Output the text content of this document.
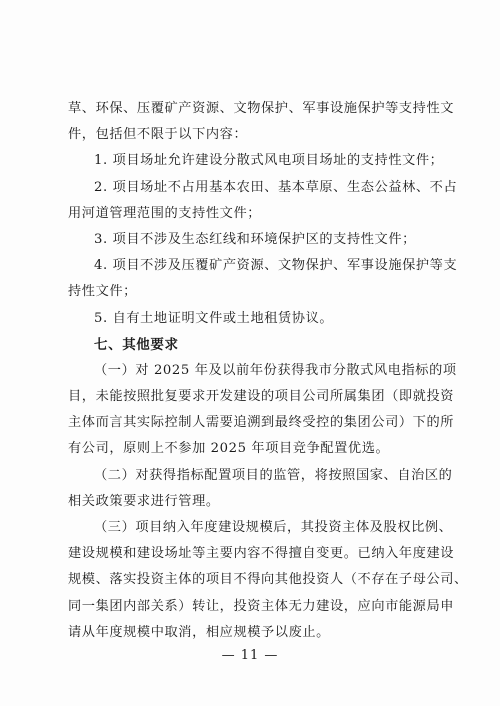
草、环保、压覆矿产资源、文物保护、军事设施保护等支持性文
件，包括但不限于以下内容：
1. 项目场址允许建设分散式风电项目场址的支持性文件；
2. 项目场址不占用基本农田、基本草原、生态公益林、不占
用河道管理范围的支持性文件；
3. 项目不涉及生态红线和环境保护区的支持性文件；
4. 项目不涉及压覆矿产资源、文物保护、军事设施保护等支
持性文件；
5. 自有土地证明文件或土地租赁协议。
七、其他要求
（一）对 2025 年及以前年份获得我市分散式风电指标的项
目，未能按照批复要求开发建设的项目公司所属集团（即就投资
主体而言其实际控制人需要追溯到最终受控的集团公司）下的所
有公司，原则上不参加 2025 年项目竞争配置优选。
（二）对获得指标配置项目的监管，将按照国家、自治区的
相关政策要求进行管理。
（三）项目纳入年度建设规模后，其投资主体及股权比例、
建设规模和建设场址等主要内容不得擅自变更。已纳入年度建设
规模、落实投资主体的项目不得向其他投资人（不存在子母公司、
同一集团内部关系）转让，投资主体无力建设，应向市能源局申
请从年度规模中取消，相应规模予以废止。
— 11 —
